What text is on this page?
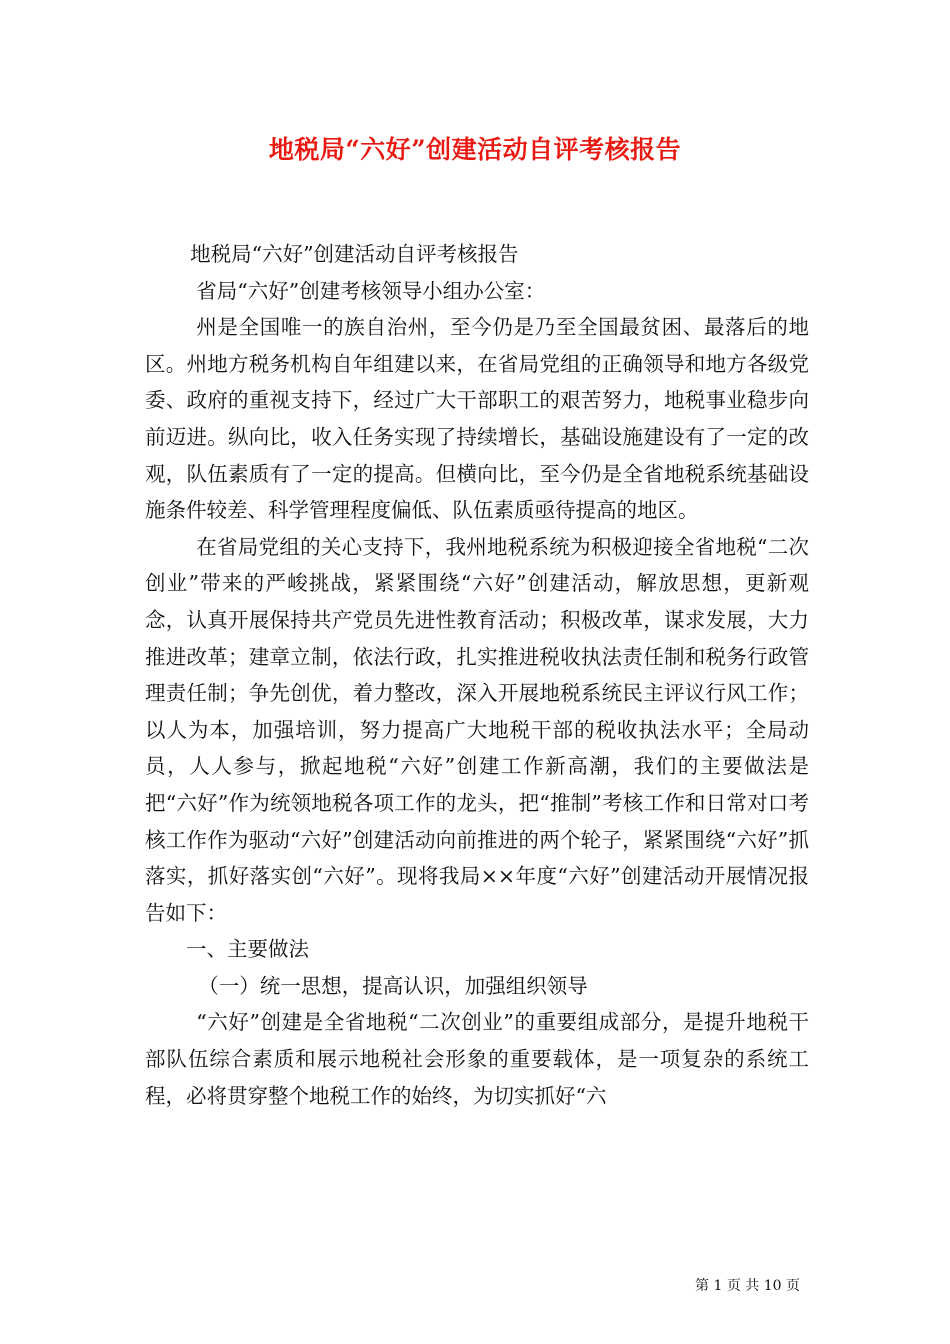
地税局“六好”创建活动自评考核报告

地税局“六好”创建活动自评考核报告

省局“六好”创建考核领导小组办公室：

州是全国唯一的族自治州，至今仍是乃至全国最贫困、最落后的地区。州地方税务机构自年组建以来，在省局党组的正确领导和地方各级党委、政府的重视支持下，经过广大干部职工的艰苦努力，地税事业稳步向前迈进。纵向比，收入任务实现了持续增长，基础设施建设有了一定的改观，队伍素质有了一定的提高。但横向比，至今仍是全省地税系统基础设施条件较差、科学管理程度偏低、队伍素质亟待提高的地区。

在省局党组的关心支持下，我州地税系统为积极迎接全省地税“二次创业”带来的严峻挑战，紧紧围绕“六好”创建活动，解放思想，更新观念，认真开展保持共产党员先进性教育活动；积极改革，谋求发展，大力推进改革；建章立制，依法行政，扎实推进税收执法责任制和税务行政管理责任制；争先创优，着力整改，深入开展地税系统民主评议行风工作；以人为本，加强培训，努力提高广大地税干部的税收执法水平；全局动员，人人参与，掀起地税“六好”创建工作新高潮，我们的主要做法是把“六好”作为统领地税各项工作的龙头，把“推制”考核工作和日常对口考核工作作为驱动“六好”创建活动向前推进的两个轮子，紧紧围绕“六好”抓落实，抓好落实创“六好”。现将我局××年度“六好”创建活动开展情况报告如下：

一、主要做法

（一）统一思想，提高认识，加强组织领导

“六好”创建是全省地税“二次创业”的重要组成部分，是提升地税干部队伍综合素质和展示地税社会形象的重要载体，是一项复杂的系统工程，必将贯穿整个地税工作的始终，为切实抓好“六

第 1 页 共 10 页
